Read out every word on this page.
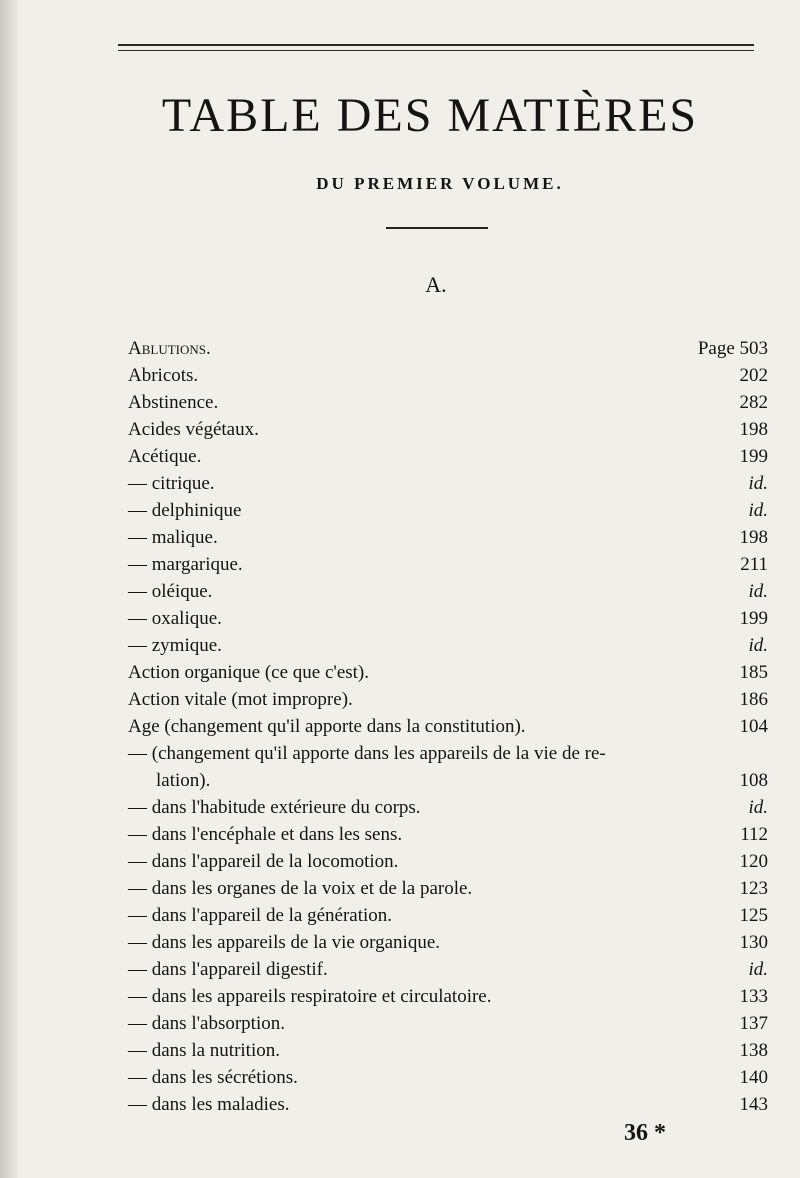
TABLE DES MATIÈRES
DU PREMIER VOLUME.
A.
Ablutions.	Page 503
Abricots.	202
Abstinence.	282
Acides végétaux.	198
Acétique.	199
— citrique.	id.
— delphinique	id.
— malique.	198
— margarique.	211
— oléique.	id.
— oxalique.	199
— zymique.	id.
Action organique (ce que c'est).	185
Action vitale (mot impropre).	186
Age (changement qu'il apporte dans la constitution).	104
— (changement qu'il apporte dans les appareils de la vie de re-
lation).	108
— dans l'habitude extérieure du corps.	id.
— dans l'encéphale et dans les sens.	112
— dans l'appareil de la locomotion.	120
— dans les organes de la voix et de la parole.	123
— dans l'appareil de la génération.	125
— dans les appareils de la vie organique.	130
— dans l'appareil digestif.	id.
— dans les appareils respiratoire et circulatoire.	133
— dans l'absorption.	137
— dans la nutrition.	138
— dans les sécrétions.	140
— dans les maladies.	143
36 *
